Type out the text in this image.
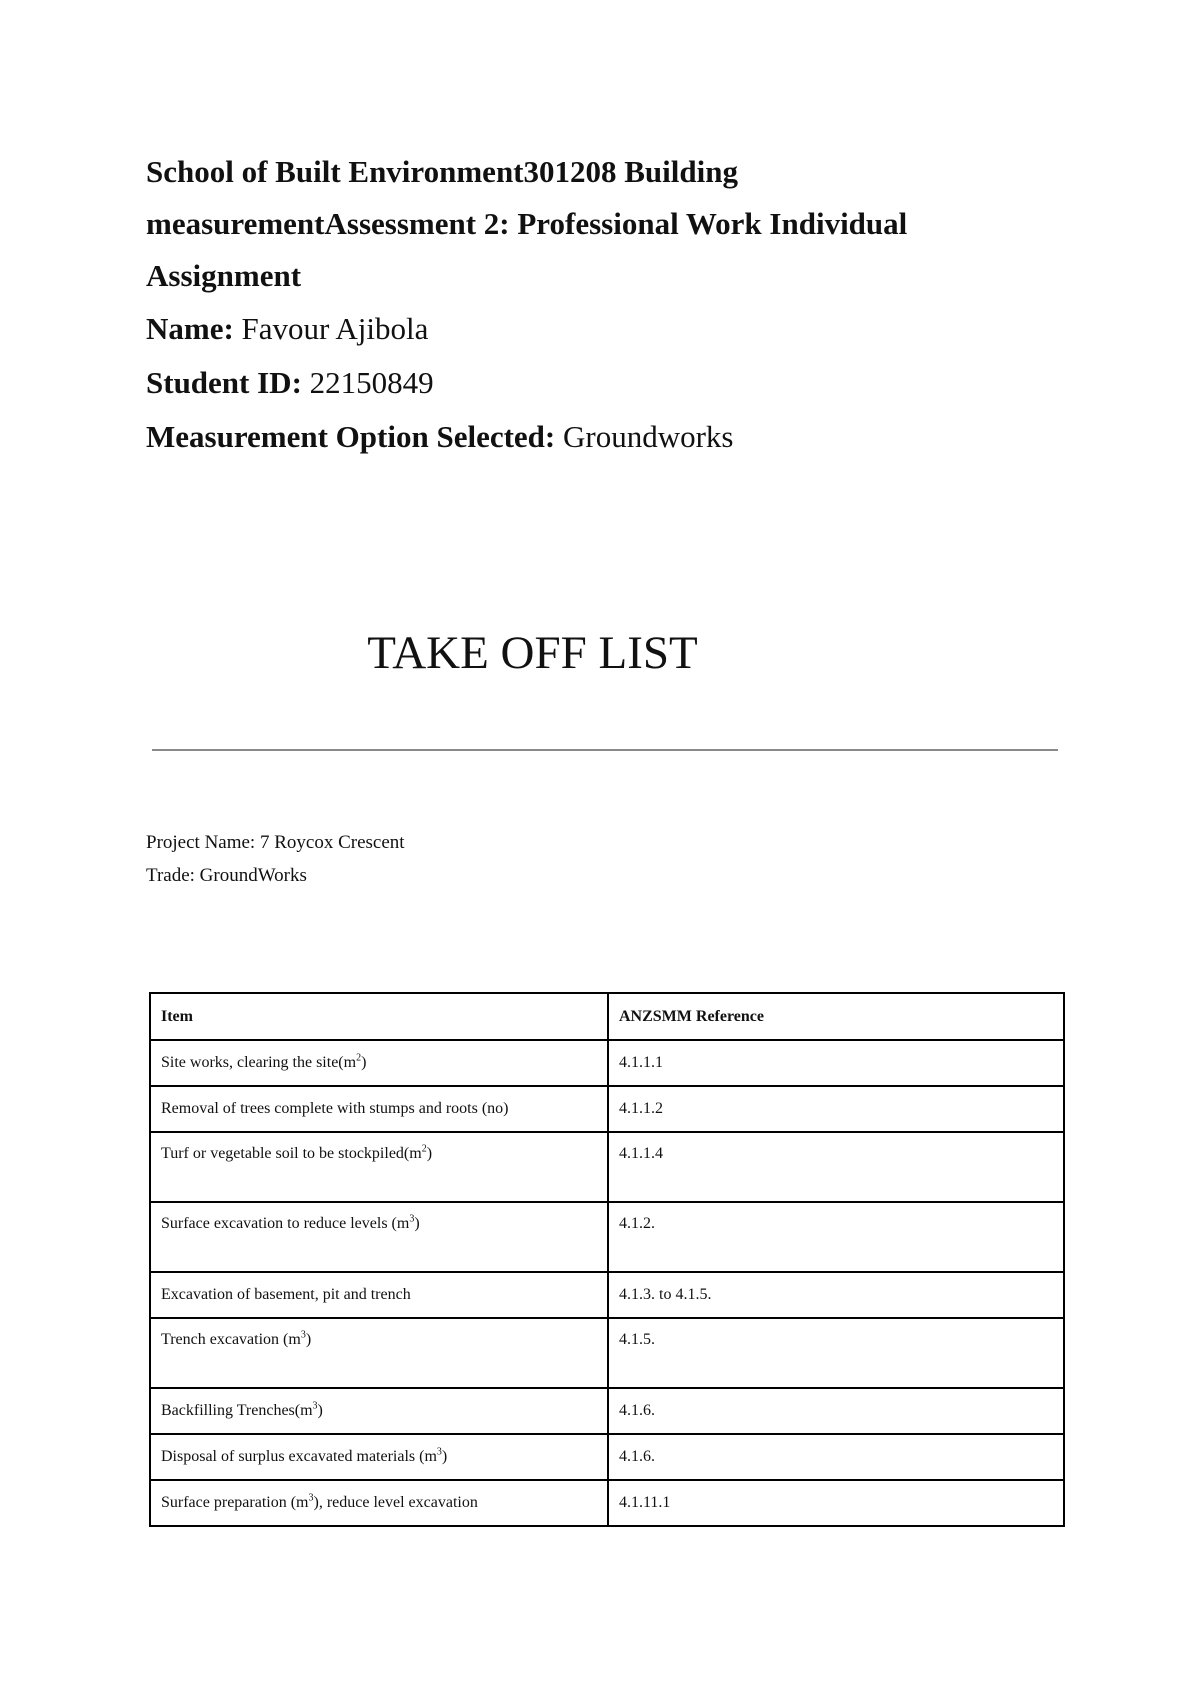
School of Built Environment301208 Building
measurementAssessment 2: Professional Work Individual
Assignment

Name: Favour Ajibola

Student ID: 22150849

Measurement Option Selected: Groundworks

TAKE OFF LIST
Project Name: 7 Roycox Crescent
Trade: GroundWorks
Item	ANZSMM Reference
Site works, clearing the $site(m^2)$	4.1.1.1
Removal of trees complete with stumps and roots (no)	4.1.1.2
Turf or vegetable soil to be $stockpiled(m^2)$	4.1.1.4
Surface excavation to reduce levels $(m^3)$	4.1.2.
Excavation of basement, pit and trench	4.1.3. to 4.1.5.
Trench excavation $(m^3)$	4.1.5.
Backfilling $Trenches(m^3)$	4.1.6.
Disposal of surplus excavated materials $(m^3)$	4.1.6.
Surface preparation $(m^3)$, reduce level excavation	4.1.11.1
